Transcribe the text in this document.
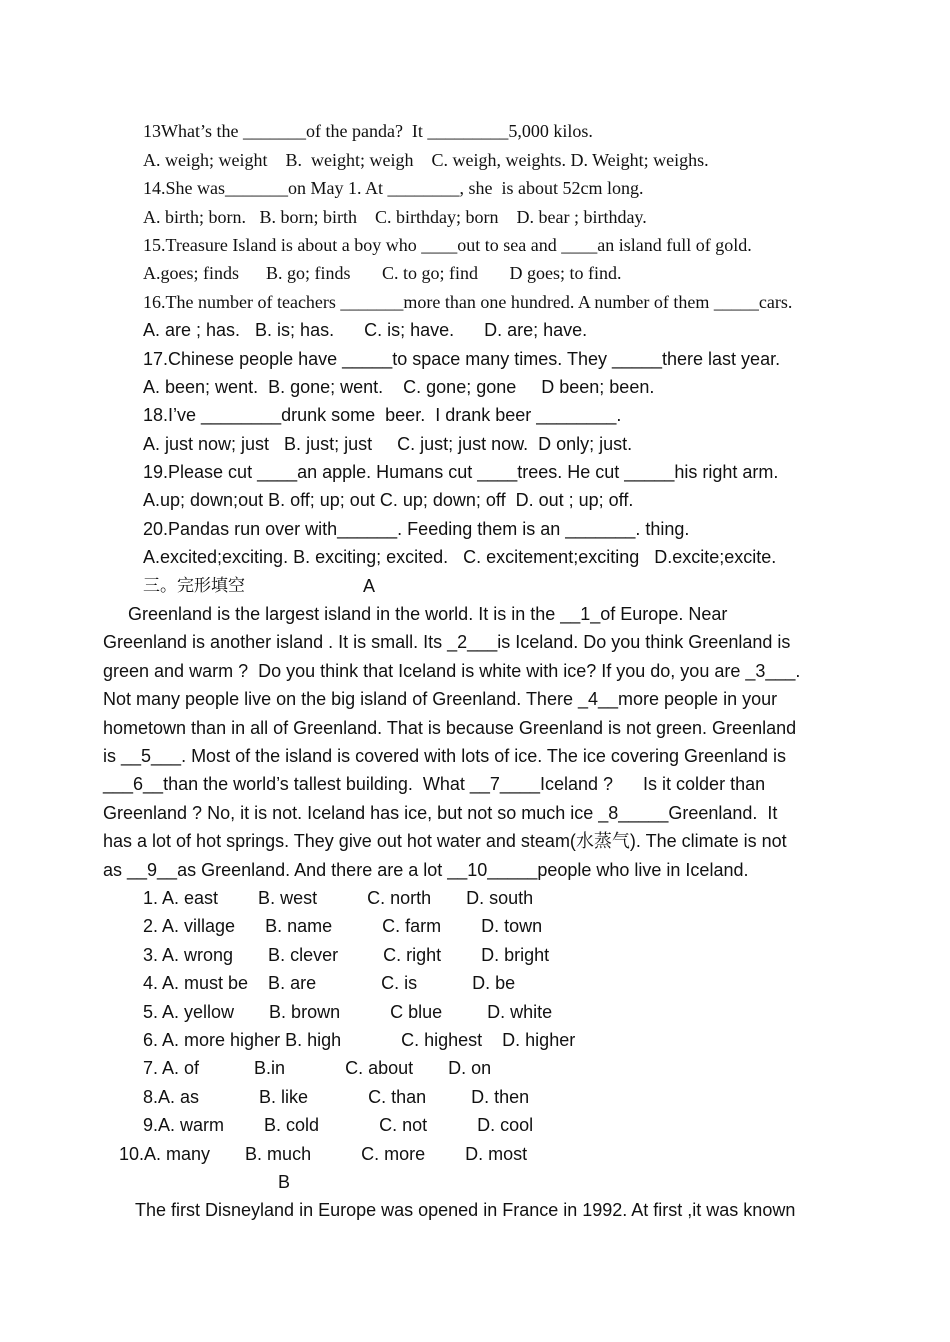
13What’s the _______of the panda?  It _________5,000 kilos.
A. weigh; weight    B.  weight; weigh    C. weigh, weights. D. Weight; weighs.
14.She was_______on May 1. At ________, she  is about 52cm long.
A. birth; born.   B. born; birth    C. birthday; born    D. bear ; birthday.
15.Treasure Island is about a boy who ____out to sea and ____an island full of gold.
A.goes; finds      B. go; finds       C. to go; find       D goes; to find.
16.The number of teachers _______more than one hundred. A number of them _____cars.
A. are ; has.   B. is; has.      C. is; have.      D. are; have.
17.Chinese people have _____to space many times. They _____there last year.
A. been; went.  B. gone; went.    C. gone; gone     D been; been.
18.I’ve ________drunk some  beer.  I drank beer ________.
A. just now; just   B. just; just     C. just; just now.  D only; just.
19.Please cut ____an apple. Humans cut ____trees. He cut _____his right arm.
A.up; down;out B. off; up; out C. up; down; off  D. out ; up; off.
20.Pandas run over with______. Feeding them is an _______. thing.
A.excited;exciting. B. exciting; excited.   C. excitement;exciting   D.excite;excite.
三。完形填空	A
Greenland is the largest island in the world. It is in the __1_of Europe. Near
Greenland is another island . It is small. Its _2___is Iceland. Do you think Greenland is
green and warm ?  Do you think that Iceland is white with ice? If you do, you are _3___.
Not many people live on the big island of Greenland. There _4__more people in your
hometown than in all of Greenland. That is because Greenland is not green. Greenland
is __5___. Most of the island is covered with lots of ice. The ice covering Greenland is
___6__than the world’s tallest building.  What __7____Iceland ?      Is it colder than
Greenland ? No, it is not. Iceland has ice, but not so much ice _8_____Greenland.  It
has a lot of hot springs. They give out hot water and steam(水蒸气). The climate is not
as __9__as Greenland. And there are a lot __10_____people who live in Iceland.
1. A. east        B. west          C. north       D. south
2. A. village      B. name          C. farm        D. town
3. A. wrong       B. clever         C. right        D. bright
4. A. must be    B. are             C. is           D. be
5. A. yellow       B. brown          C blue         D. white
6. A. more higher B. high            C. highest    D. higher
7. A. of           B.in            C. about       D. on
8.A. as            B. like            C. than         D. then
9.A. warm        B. cold            C. not          D. cool
10.A. many       B. much          C. more        D. most
B
The first Disneyland in Europe was opened in France in 1992. At first ,it was known
